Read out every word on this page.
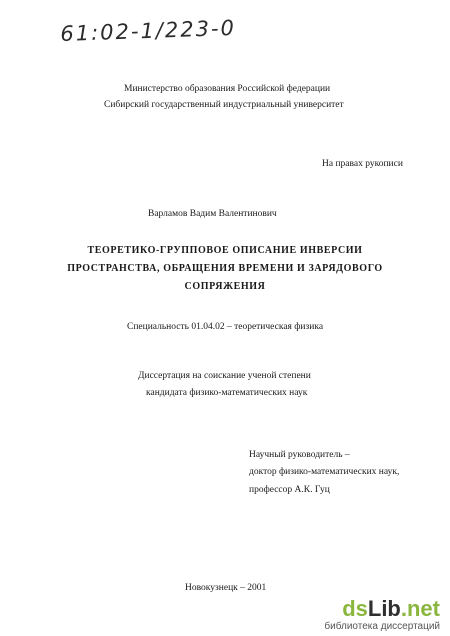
61:02-1/223-0
Министерство образования Российской федерации
Сибирский государственный индустриальный университет
На правах рукописи
Варламов Вадим Валентинович
ТЕОРЕТИКО-ГРУППОВОЕ ОПИСАНИЕ ИНВЕРСИИ
ПРОСТРАНСТВА, ОБРАЩЕНИЯ ВРЕМЕНИ И ЗАРЯДОВОГО
СОПРЯЖЕНИЯ
Специальность 01.04.02 – теоретическая физика
Диссертация на соискание ученой степени
кандидата физико-математических наук
Научный руководитель –
доктор физико-математических наук,
профессор А.К. Гуц
Новокузнецк – 2001
dsLib.net
библиотека диссертаций
